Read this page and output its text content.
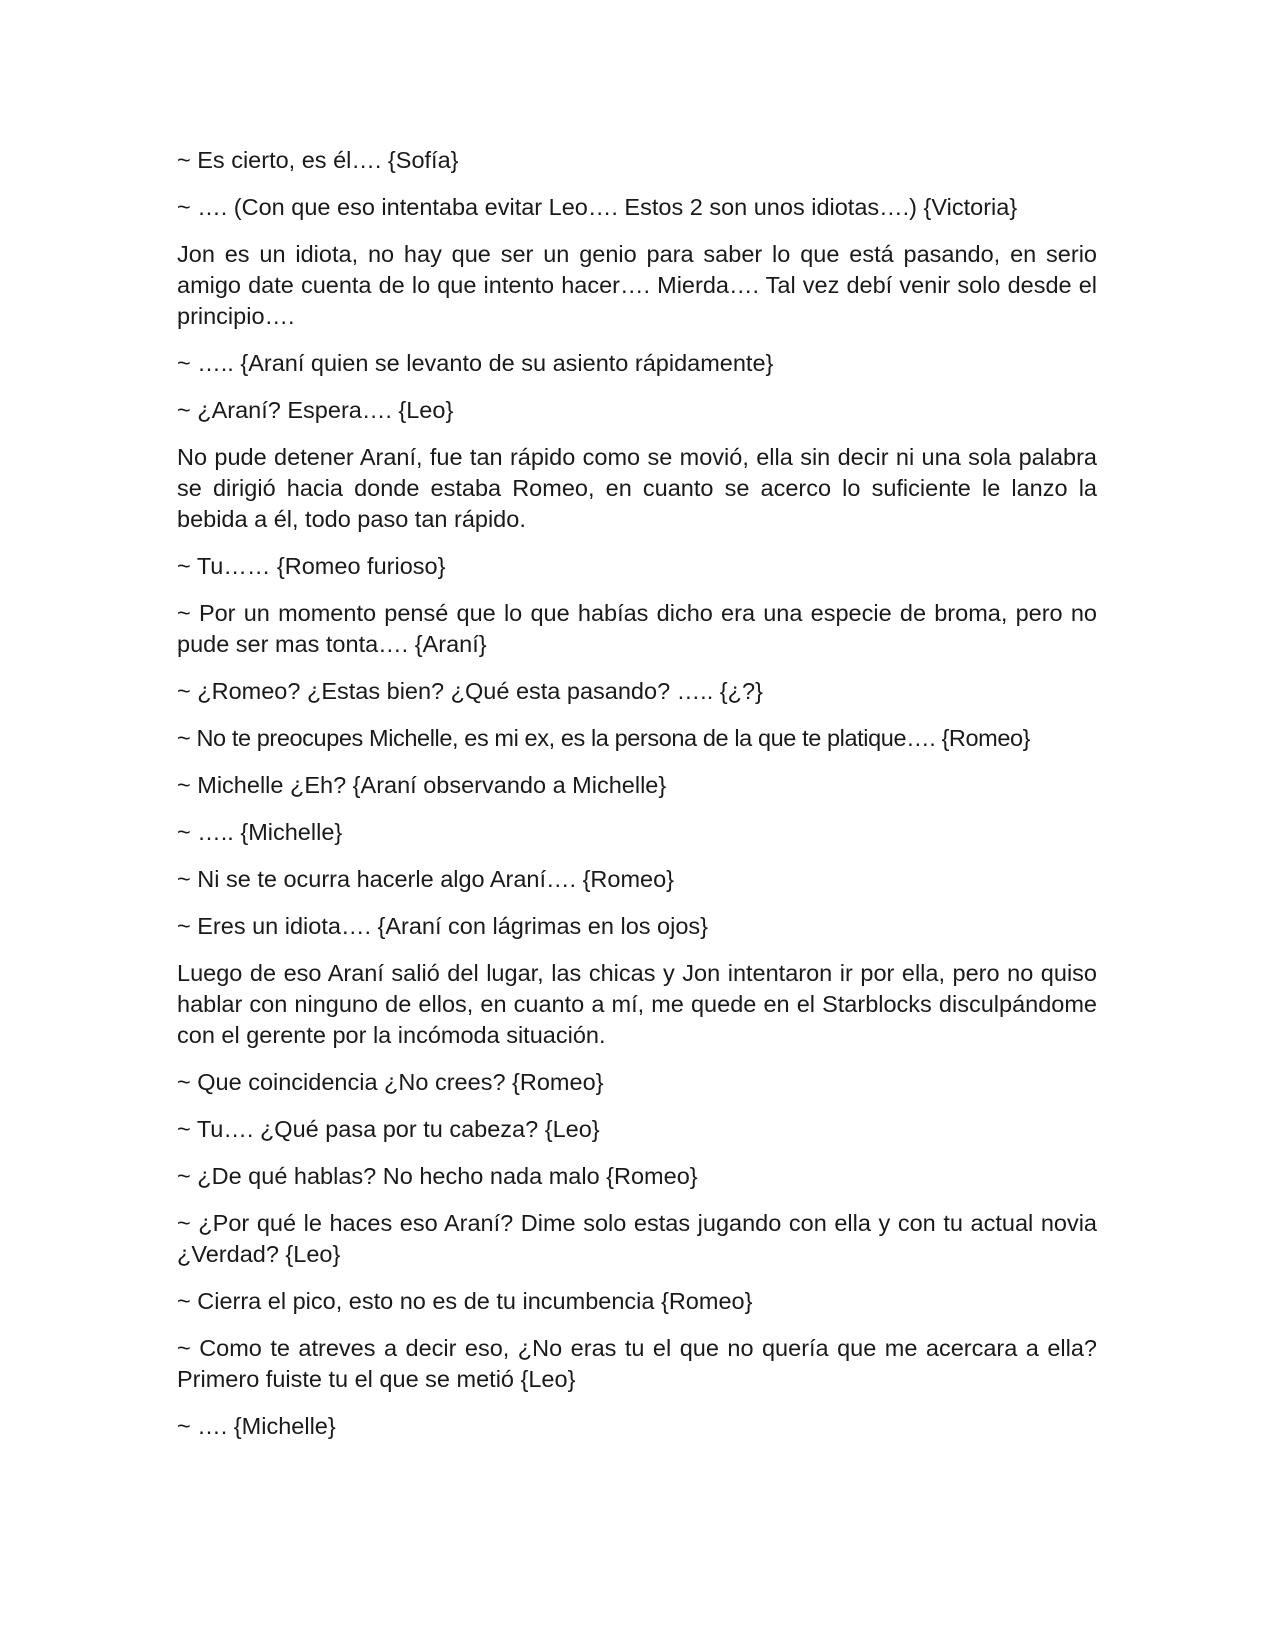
~ Es cierto, es él…. {Sofía}

~ …. (Con que eso intentaba evitar Leo…. Estos 2 son unos idiotas….) {Victoria}

Jon es un idiota, no hay que ser un genio para saber lo que está pasando, en serio amigo date cuenta de lo que intento hacer…. Mierda…. Tal vez debí venir solo desde el principio….

~ ….. {Araní quien se levanto de su asiento rápidamente}

~ ¿Araní? Espera…. {Leo}

No pude detener Araní, fue tan rápido como se movió, ella sin decir ni una sola palabra se dirigió hacia donde estaba Romeo, en cuanto se acerco lo suficiente le lanzo la bebida a él, todo paso tan rápido.

~ Tu…… {Romeo furioso}

~ Por un momento pensé que lo que habías dicho era una especie de broma, pero no pude ser mas tonta…. {Araní}

~ ¿Romeo? ¿Estas bien? ¿Qué esta pasando? ….. {¿?}

~ No te preocupes Michelle, es mi ex, es la persona de la que te platique…. {Romeo}

~ Michelle ¿Eh? {Araní observando a Michelle}

~ ….. {Michelle}

~ Ni se te ocurra hacerle algo Araní…. {Romeo}

~ Eres un idiota…. {Araní con lágrimas en los ojos}

Luego de eso Araní salió del lugar, las chicas y Jon intentaron ir por ella, pero no quiso hablar con ninguno de ellos, en cuanto a mí, me quede en el Starblocks disculpándome con el gerente por la incómoda situación.

~ Que coincidencia ¿No crees? {Romeo}

~ Tu…. ¿Qué pasa por tu cabeza? {Leo}

~ ¿De qué hablas? No hecho nada malo {Romeo}

~ ¿Por qué le haces eso Araní? Dime solo estas jugando con ella y con tu actual novia ¿Verdad? {Leo}

~ Cierra el pico, esto no es de tu incumbencia {Romeo}

~ Como te atreves a decir eso, ¿No eras tu el que no quería que me acercara a ella? Primero fuiste tu el que se metió {Leo}

~ …. {Michelle}
